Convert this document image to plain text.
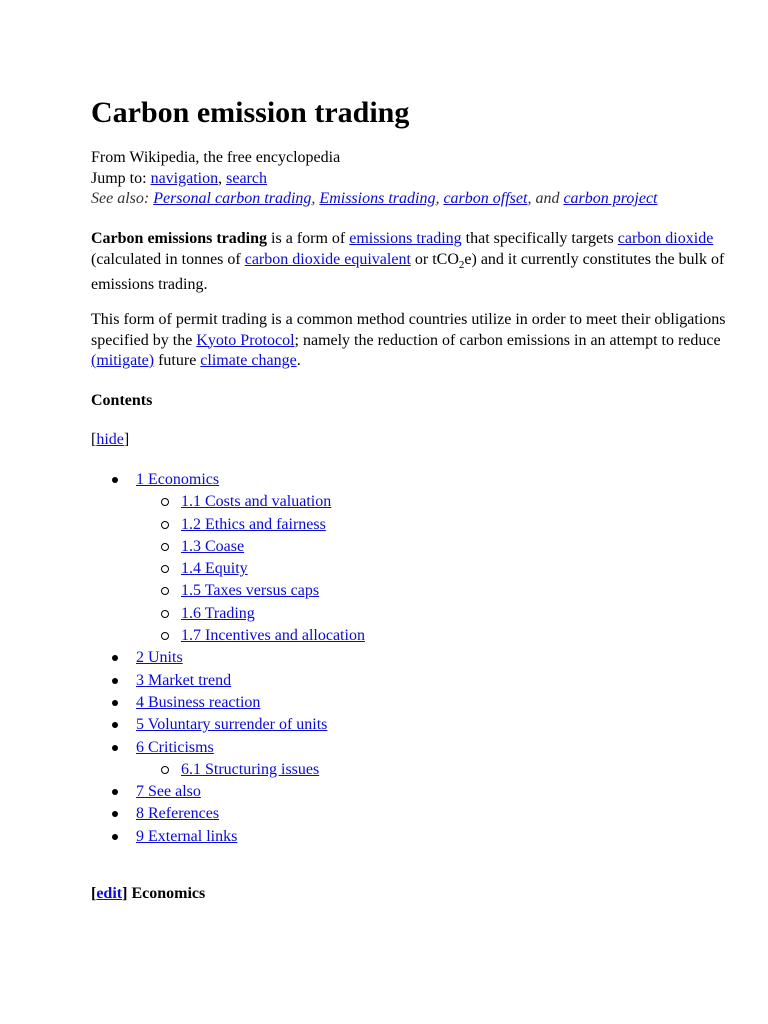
Carbon emission trading
From Wikipedia, the free encyclopedia
Jump to: navigation, search
See also: Personal carbon trading, Emissions trading, carbon offset, and carbon project
Carbon emissions trading is a form of emissions trading that specifically targets carbon dioxide (calculated in tonnes of carbon dioxide equivalent or tCO$_2$e) and it currently constitutes the bulk of emissions trading.
This form of permit trading is a common method countries utilize in order to meet their obligations specified by the Kyoto Protocol; namely the reduction of carbon emissions in an attempt to reduce (mitigate) future climate change.
Contents
[hide]
1 Economics
1.1 Costs and valuation
1.2 Ethics and fairness
1.3 Coase
1.4 Equity
1.5 Taxes versus caps
1.6 Trading
1.7 Incentives and allocation
2 Units
3 Market trend
4 Business reaction
5 Voluntary surrender of units
6 Criticisms
6.1 Structuring issues
7 See also
8 References
9 External links
[edit] Economics
